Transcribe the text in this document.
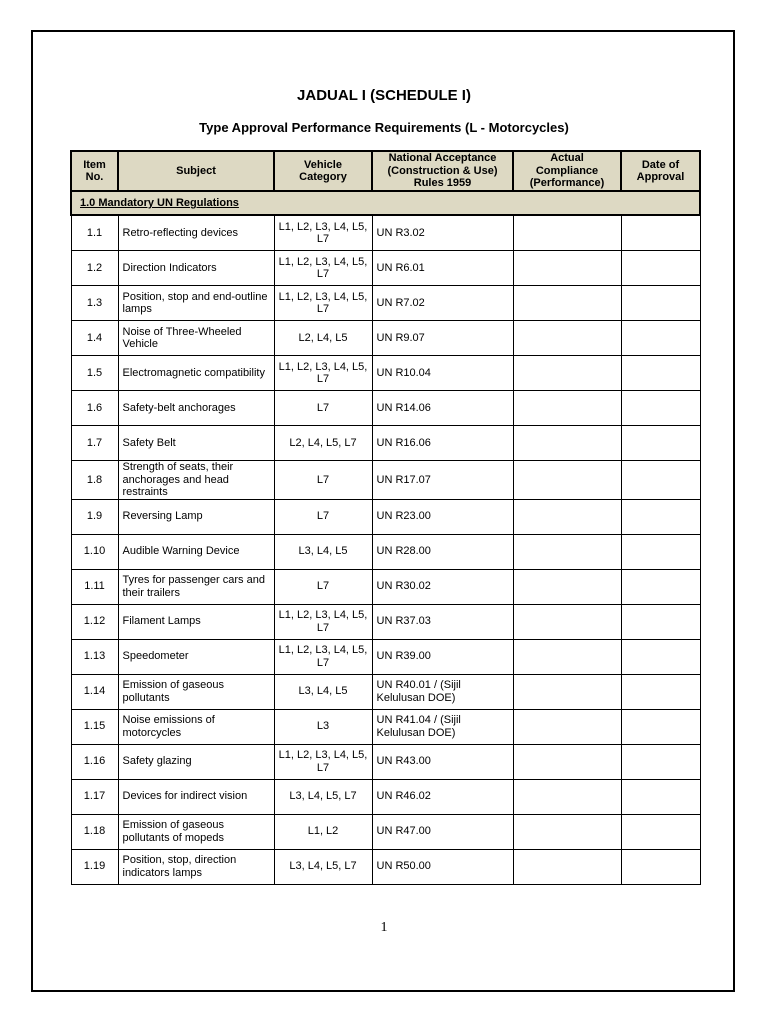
JADUAL I (SCHEDULE I)
Type Approval Performance Requirements (L - Motorcycles)
Item No.	Subject	Vehicle Category	National Acceptance (Construction & Use) Rules 1959	Actual Compliance (Performance)	Date of Approval
1.0 Mandatory UN Regulations					
1.1	Retro-reflecting devices	L1, L2, L3, L4, L5, L7	UN R3.02		
1.2	Direction Indicators	L1, L2, L3, L4, L5, L7	UN R6.01		
1.3	Position, stop and end-outline lamps	L1, L2, L3, L4, L5, L7	UN R7.02		
1.4	Noise of Three-Wheeled Vehicle	L2, L4, L5	UN R9.07		
1.5	Electromagnetic compatibility	L1, L2, L3, L4, L5, L7	UN R10.04		
1.6	Safety-belt anchorages	L7	UN R14.06		
1.7	Safety Belt	L2, L4, L5, L7	UN R16.06		
1.8	Strength of seats, their anchorages and head restraints	L7	UN R17.07		
1.9	Reversing Lamp	L7	UN R23.00		
1.10	Audible Warning Device	L3, L4, L5	UN R28.00		
1.11	Tyres for passenger cars and their trailers	L7	UN R30.02		
1.12	Filament Lamps	L1, L2, L3, L4, L5, L7	UN R37.03		
1.13	Speedometer	L1, L2, L3, L4, L5, L7	UN R39.00		
1.14	Emission of gaseous pollutants	L3, L4, L5	UN R40.01 / (Sijil Kelulusan DOE)		
1.15	Noise emissions of motorcycles	L3	UN R41.04 / (Sijil Kelulusan DOE)		
1.16	Safety glazing	L1, L2, L3, L4, L5, L7	UN R43.00		
1.17	Devices for indirect vision	L3, L4, L5, L7	UN R46.02		
1.18	Emission of gaseous pollutants of mopeds	L1, L2	UN R47.00		
1.19	Position, stop, direction indicators lamps	L3, L4, L5, L7	UN R50.00		
1
